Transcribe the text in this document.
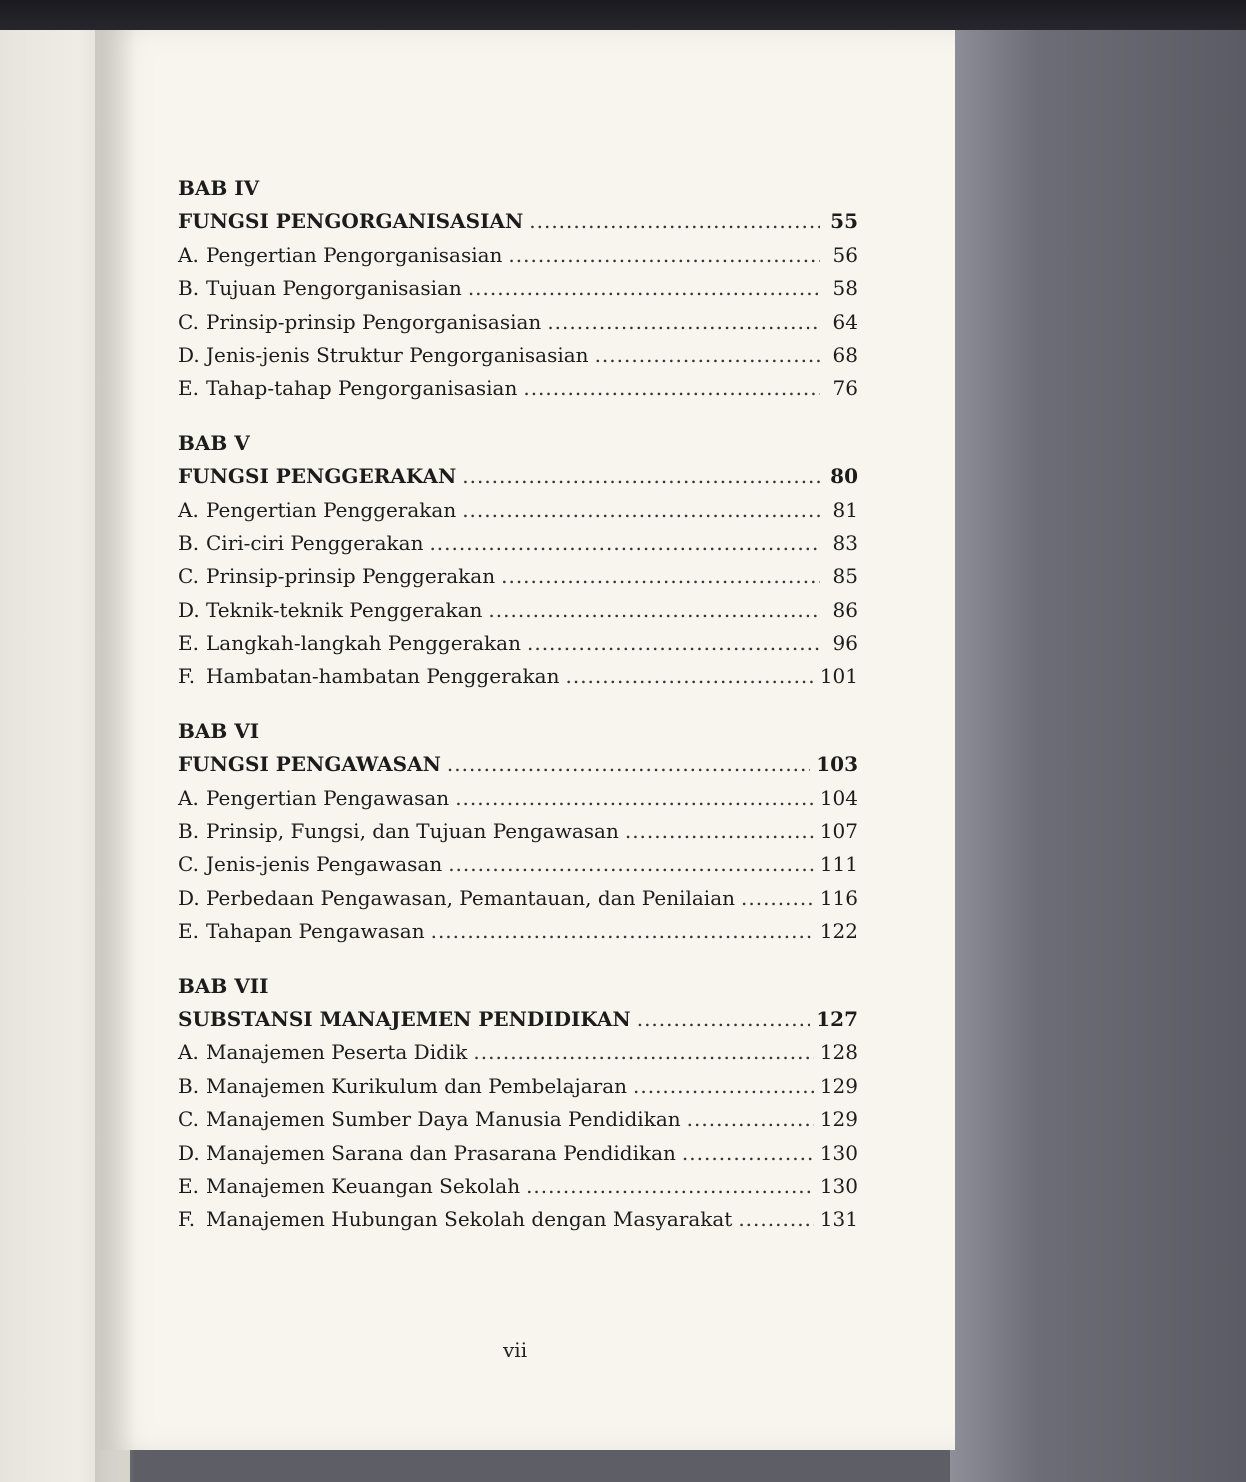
BAB IV
FUNGSI PENGORGANISASIAN .....	55
A. Pengertian Pengorganisasian .....	56
B. Tujuan Pengorganisasian .....	58
C. Prinsip-prinsip Pengorganisasian .....	64
D. Jenis-jenis Struktur Pengorganisasian .....	68
E. Tahap-tahap Pengorganisasian .....	76
BAB V
FUNGSI PENGGERAKAN .....	80
A. Pengertian Penggerakan .....	81
B. Ciri-ciri Penggerakan .....	83
C. Prinsip-prinsip Penggerakan .....	85
D. Teknik-teknik Penggerakan .....	86
E. Langkah-langkah Penggerakan .....	96
F. Hambatan-hambatan Penggerakan .....	101
BAB VI
FUNGSI PENGAWASAN .....	103
A. Pengertian Pengawasan .....	104
B. Prinsip, Fungsi, dan Tujuan Pengawasan .....	107
C. Jenis-jenis Pengawasan .....	111
D. Perbedaan Pengawasan, Pemantauan, dan Penilaian .....	116
E. Tahapan Pengawasan .....	122
BAB VII
SUBSTANSI MANAJEMEN PENDIDIKAN .....	127
A. Manajemen Peserta Didik .....	128
B. Manajemen Kurikulum dan Pembelajaran .....	129
C. Manajemen Sumber Daya Manusia Pendidikan .....	129
D. Manajemen Sarana dan Prasarana Pendidikan .....	130
E. Manajemen Keuangan Sekolah .....	130
F. Manajemen Hubungan Sekolah dengan Masyarakat .....	131
vii
